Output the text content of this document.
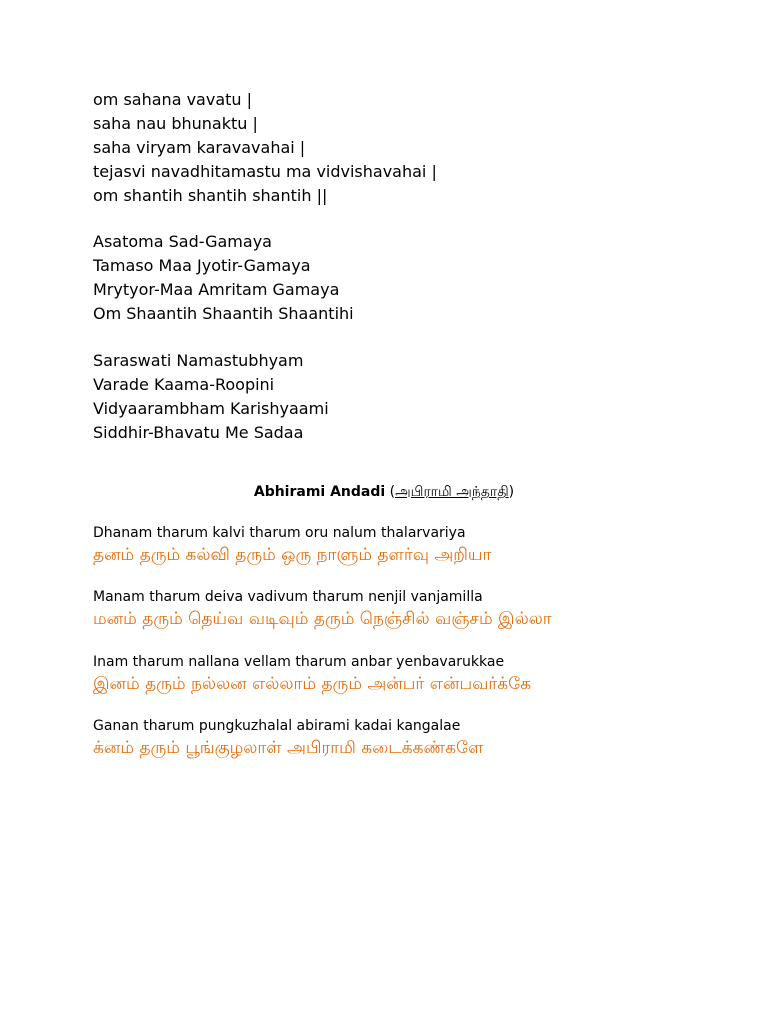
om sahana vavatu |
saha nau bhunaktu |
saha viryam karavavahai |
tejasvi navadhitamastu ma vidvishavahai |
om shantih shantih shantih ||
Asatoma Sad-Gamaya
Tamaso Maa Jyotir-Gamaya
Mrytyor-Maa Amritam Gamaya
Om Shaantih Shaantih Shaantihi
Saraswati Namastubhyam
Varade Kaama-Roopini
Vidyaarambham Karishyaami
Siddhir-Bhavatu Me Sadaa
Abhirami Andadi (அபிராமி அந்தாதி)
Dhanam tharum kalvi tharum oru nalum thalarvariya
தனம் தரும் கல்வி தரும் ஒரு நாளும் தளர்வு அறியா
Manam tharum deiva vadivum tharum nenjil vanjamilla
மனம் தரும் தெய்வ வடிவும் தரும் நெஞ்சில் வஞ்சம் இல்லா
Inam tharum nallana vellam tharum anbar yenbavarukkae
இனம் தரும் நல்லன எல்லாம் தரும் அன்பர் என்பவர்க்கே
Ganan tharum pungkuzhalal abirami kadai kangalae
க்னம் தரும் பூங்குழலாள் அபிராமி கடைக்கண்களே
